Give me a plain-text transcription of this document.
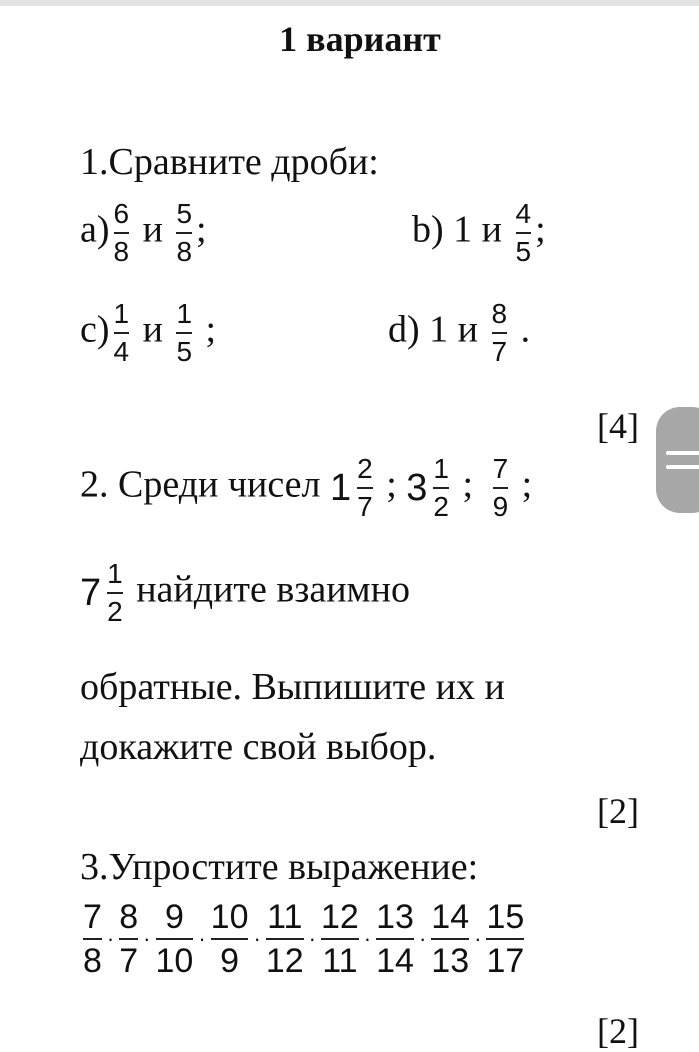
1 вариант
1.Сравните дроби:
$a) \frac{6}{8}$ и $\frac{5}{8}$ ;	b) 1 и $\frac{4}{5}$ ;
$c) \frac{1}{4}$ и $\frac{1}{5}$ ;	d) 1 и $\frac{8}{7}$ .
[4]
2. Среди чисел $1 \frac{2}{7}$ ; $3 \frac{1}{2}$ ; $\frac{7}{9}$ ;
$7 \frac{1}{2}$ найдите взаимно
обратные. Выпишите их и
докажите свой выбор.
[2]
3.Упростите выражение:
$\frac{7}{8} \cdot \frac{8}{7} \cdot \frac{9}{10} \cdot \frac{10}{9} \cdot \frac{11}{12} \cdot \frac{12}{11} \cdot \frac{13}{14} \cdot \frac{14}{13} \cdot \frac{15}{17}$
[2]
